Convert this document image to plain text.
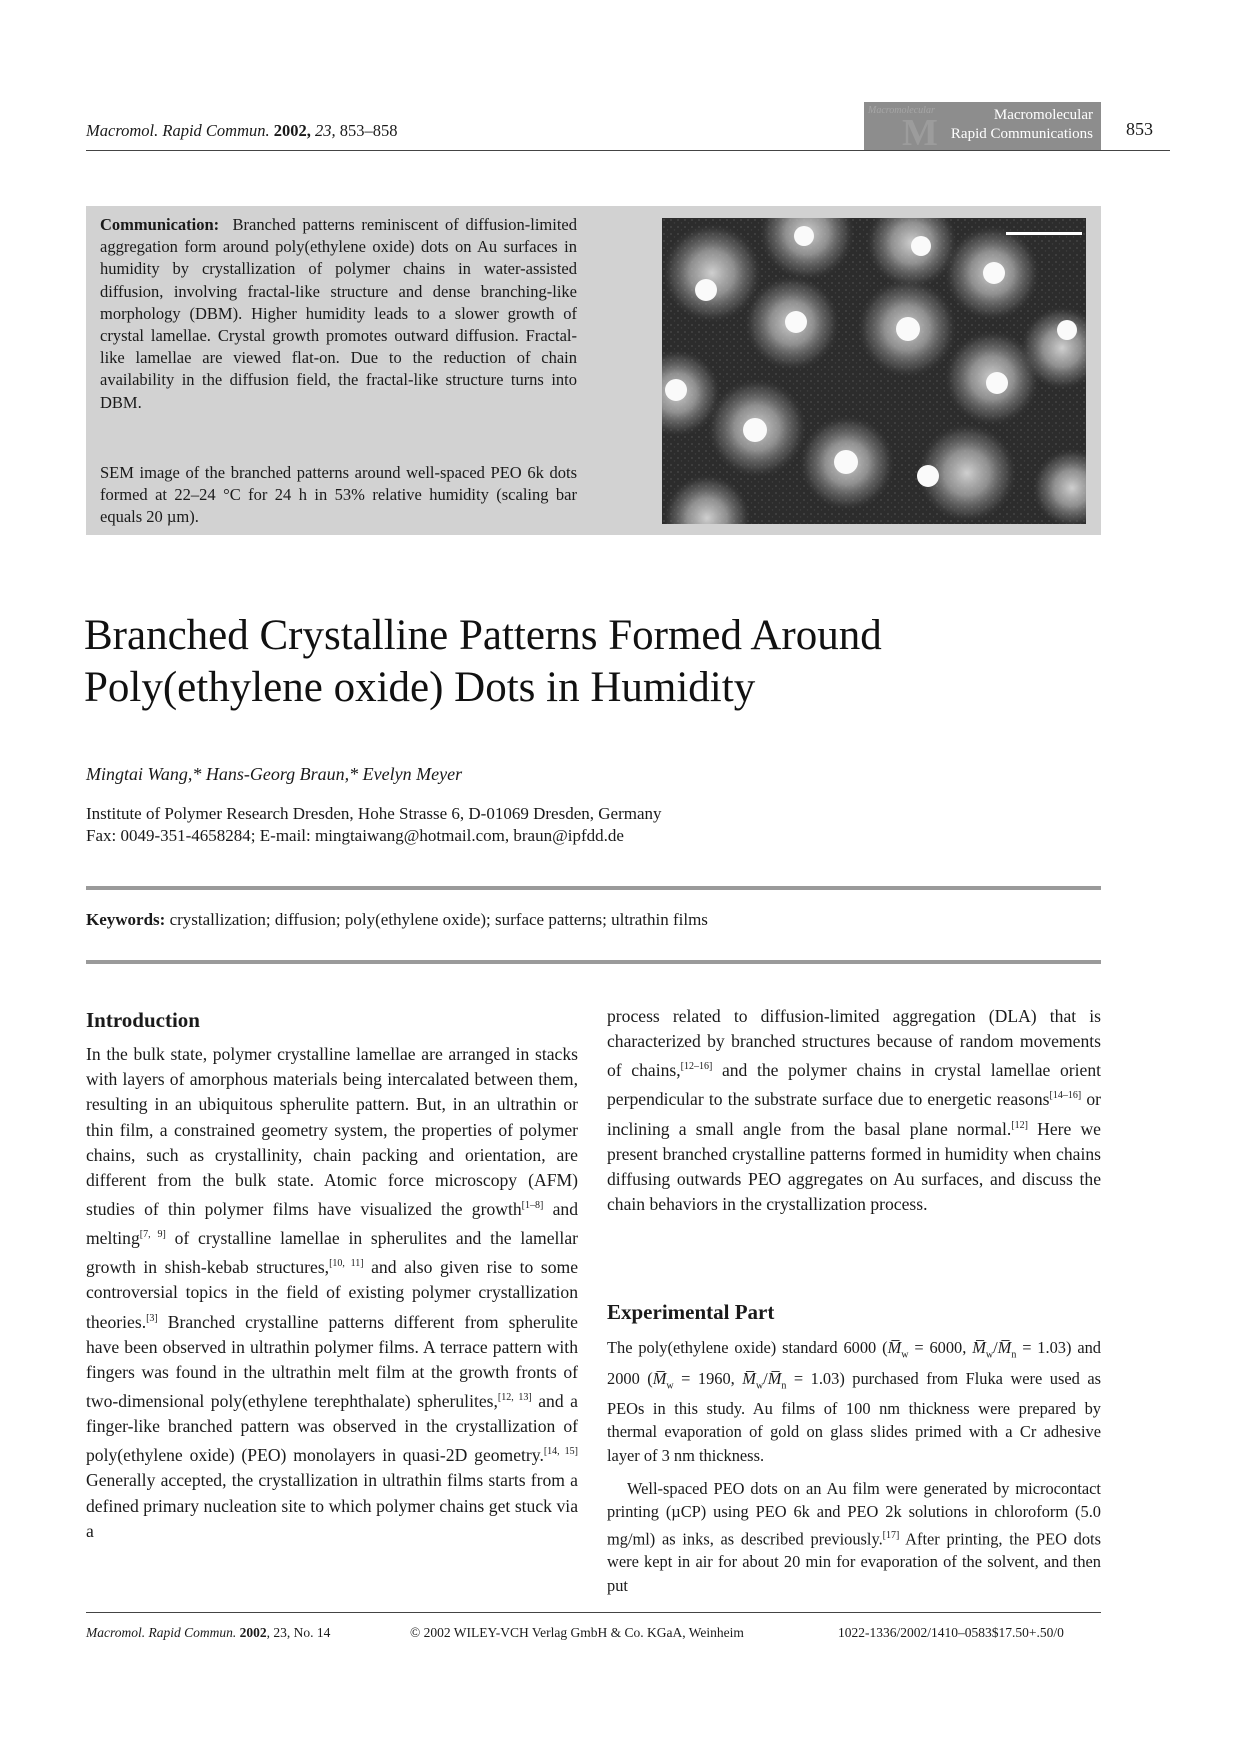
Macromol. Rapid Commun. 2002, 23, 853–858
Macromolecular
M	Macromolecular
Rapid Communications 853
Communication: Branched patterns reminiscent of diffusion-limited aggregation form around poly(ethylene oxide) dots on Au surfaces in humidity by crystallization of polymer chains in water-assisted diffusion, involving fractal-like structure and dense branching-like morphology (DBM). Higher humidity leads to a slower growth of crystal lamellae. Crystal growth promotes outward diffusion. Fractal-like lamellae are viewed flat-on. Due to the reduction of chain availability in the diffusion field, the fractal-like structure turns into DBM.
SEM image of the branched patterns around well-spaced PEO 6k dots formed at 22–24 °C for 24 h in 53% relative humidity (scaling bar equals 20 µm).
Branched Crystalline Patterns Formed Around
Poly(ethylene oxide) Dots in Humidity
Mingtai Wang,* Hans-Georg Braun,* Evelyn Meyer
Institute of Polymer Research Dresden, Hohe Strasse 6, D-01069 Dresden, Germany
Fax: 0049-351-4658284; E-mail: mingtaiwang@hotmail.com, braun@ipfdd.de
Keywords: crystallization; diffusion; poly(ethylene oxide); surface patterns; ultrathin films
Introduction
In the bulk state, polymer crystalline lamellae are arranged in stacks with layers of amorphous materials being intercalated between them, resulting in an ubiquitous spherulite pattern. But, in an ultrathin or thin film, a constrained geometry system, the properties of polymer chains, such as crystallinity, chain packing and orientation, are different from the bulk state. Atomic force microscopy (AFM) studies of thin polymer films have visualized the growth[1–8] and melting[7, 9] of crystalline lamellae in spherulites and the lamellar growth in shish-kebab structures,[10, 11] and also given rise to some controversial topics in the field of existing polymer crystallization theories.[3] Branched crystalline patterns different from spherulite have been observed in ultrathin polymer films. A terrace pattern with fingers was found in the ultrathin melt film at the growth fronts of two-dimensional poly(ethylene terephthalate) spherulites,[12, 13] and a finger-like branched pattern was observed in the crystallization of poly(ethylene oxide) (PEO) monolayers in quasi-2D geometry.[14, 15] Generally accepted, the crystallization in ultrathin films starts from a defined primary nucleation site to which polymer chains get stuck via a
process related to diffusion-limited aggregation (DLA) that is characterized by branched structures because of random movements of chains,[12–16] and the polymer chains in crystal lamellae orient perpendicular to the substrate surface due to energetic reasons[14–16] or inclining a small angle from the basal plane normal.[12] Here we present branched crystalline patterns formed in humidity when chains diffusing outwards PEO aggregates on Au surfaces, and discuss the chain behaviors in the crystallization process.
Experimental Part
The poly(ethylene oxide) standard 6000 ($M̅_w = 6000$, $M̅_w/M̅_n = 1.03$) and 2000 ($M̅_w = 1960$, $M̅_w/M̅_n = 1.03$) purchased from Fluka were used as PEOs in this study. Au films of 100 nm thickness were prepared by thermal evaporation of gold on glass slides primed with a Cr adhesive layer of 3 nm thickness.
Well-spaced PEO dots on an Au film were generated by microcontact printing (µCP) using PEO 6k and PEO 2k solutions in chloroform (5.0 mg/ml) as inks, as described previously.[17] After printing, the PEO dots were kept in air for about 20 min for evaporation of the solvent, and then put
Macromol. Rapid Commun. 2002, 23, No. 14	© 2002 WILEY-VCH Verlag GmbH & Co. KGaA, Weinheim	1022-1336/2002/1410–0583$17.50+.50/0
